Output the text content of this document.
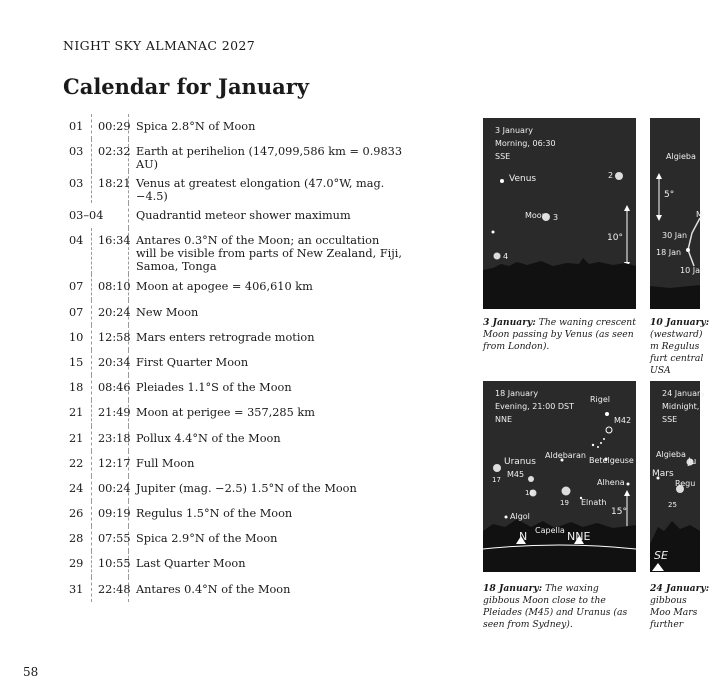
NIGHT SKY ALMANAC 2027
Calendar for January
01	00:29 Spica 2.8°N of Moon
03	02:32 Earth at perihelion (147,099,586 km = 0.9833 AU)
03	18:21 Venus at greatest elongation (47.0°W, mag. −4.5)
03–04	Quadrantid meteor shower maximum
04	16:34 Antares 0.3°N of the Moon; an occultation will be visible from parts of New Zealand, Fiji, Samoa, Tonga
07	08:10 Moon at apogee = 406,610 km
07	20:24 New Moon
10	12:58 Mars enters retrograde motion
15	20:34 First Quarter Moon
18	08:46 Pleiades 1.1°S of the Moon
21	21:49 Moon at perigee = 357,285 km
21	23:18 Pollux 4.4°N of the Moon
22	12:17 Full Moon
24	00:24 Jupiter (mag. −2.5) 1.5°N of the Moon
26	09:19 Regulus 1.5°N of the Moon
28	07:55 Spica 2.9°N of the Moon
29	10:55 Last Quarter Moon
31	22:48 Antares 0.4°N of the Moon
3 January
Morning, 06:30
SSE
Venus
Moon 3
2
4
10°
3 January: The waning crescent Moon passing by Venus (as seen from London).
Algieba
5°
M
30 Jan
18 Jan
10 Ja
10 January: (westward) m Regulus furt central USA
18 January
Evening, 21:00 DST
NNE
Rigel
M42
Aldebaran
Betelgeuse
Uranus
M45
17
18
19
Alhena
Elnath
Algol
Capella
N	NNE
15°
18 January: The waxing gibbous Moon close to the Pleiades (M45) and Uranus (as seen from Sydney).
24 January
Midnight,
SSE
Algieba
Ju
Mars
Regu
25
SE
24 January: gibbous Moo Mars further
58
